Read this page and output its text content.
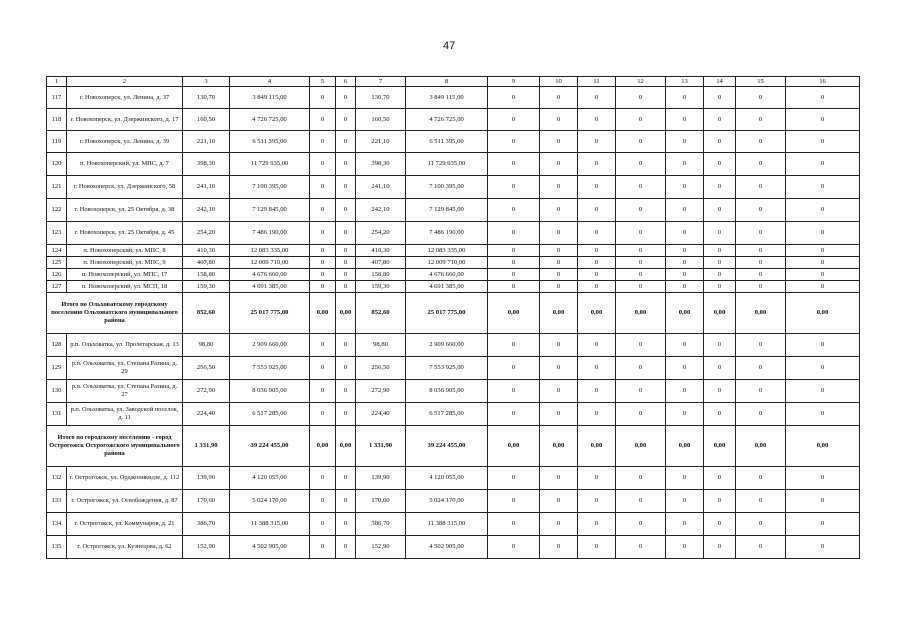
47
1	2	3	4	5	6	7	8	9	10	11	12	13	14	15	16
117	г. Новохоперск, ул. Ленина, д. 37	130,70	3 849 115,00	0	0	130,70	3 849 115,00	0	0	0	0	0	0	0	0
118	г. Новохоперск, ул. Дзержинского, д. 17	160,50	4 726 725,00	0	0	160,50	4 726 725,00	0	0	0	0	0	0	0	0
119	г. Новохоперск, ул. Ленина, д. 39	221,10	6 511 395,00	0	0	221,10	6 511 395,00	0	0	0	0	0	0	0	0
120	п. Новохоперский, ул. МПС, д. 7	398,30	11 729 935,00	0	0	398,30	11 729 935,00	0	0	0	0	0	0	0	0
121	г. Новохоперск, ул. Дзержинского, 58	241,10	7 100 395,00	0	0	241,10	7 100 395,00	0	0	0	0	0	0	0	0
122	г. Новохоперск, ул. 25 Октября, д. 38	242,10	7 129 845,00	0	0	242,10	7 129 845,00	0	0	0	0	0	0	0	0
123	г. Новохоперск, ул. 25 Октября, д. 45	254,20	7 486 190,00	0	0	254,20	7 486 190,00	0	0	0	0	0	0	0	0
124	п. Новохоперский, ул. МПС, 8	410,30	12 083 335,00	0	0	410,30	12 083 335,00	0	0	0	0	0	0	0	0
125	п. Новохоперский, ул. МПС, 9	407,80	12 009 710,00	0	0	407,80	12 009 710,00	0	0	0	0	0	0	0	0
126	п. Новохоперский, ул. МПС, 17	158,80	4 676 660,00	0	0	158,80	4 676 660,00	0	0	0	0	0	0	0	0
127	п. Новохоперский, ул. МСП, 18	159,30	4 691 385,00	0	0	159,30	4 691 385,00	0	0	0	0	0	0	0	0
Итого по Ольховатскому городскому поселению Ольховатского муниципального района		852,60	25 017 775,00	0,00	0,00	852,60	25 017 775,00	0,00	0,00	0,00	0,00	0,00	0,00	0,00	0,00
128	р.п. Ольховатка, ул. Пролетарская, д. 13	98,80	2 909 660,00	0	0	98,80	2 909 660,00	0	0	0	0	0	0	0	0
129	р.п. Ольховатка, ул. Степана Разина, д. 29	256,50	7 553 925,00	0	0	256,50	7 553 925,00	0	0	0	0	0	0	0	0
130	р.п. Ольховатка, ул. Степана Разина, д. 27	272,90	8 036 905,00	0	0	272,90	8 036 905,00	0	0	0	0	0	0	0	0
131	р.п. Ольховатка, ул. Заводской поселок, д. 11	224,40	6 517 285,00	0	0	224,40	6 517 285,00	0	0	0	0	0	0	0	0
Итого по городскому поселению - город Острогожск Острогожского муниципального района		1 331,90	39 224 455,00	0,00	0,00	1 331,90	39 224 455,00	0,00	0,00	0,00	0,00	0,00	0,00	0,00	0,00
132	г. Острогожск, ул. Орджоникидзе, д. 112	139,90	4 120 055,00	0	0	139,90	4 120 055,00	0	0	0	0	0	0	0	0
133	г. Острогожск, ул. Освобождения, д. 87	170,60	5 024 170,00	0	0	170,60	5 024 170,00	0	0	0	0	0	0	0	0
134	г. Острогожск, ул. Коммунаров, д. 21	386,70	11 388 315,00	0	0	386,70	11 388 315,00	0	0	0	0	0	0	0	0
135	г. Острогожск, ул. Кузнецова, д. 62	152,90	4 502 905,00	0	0	152,90	4 502 905,00	0	0	0	0	0	0	0	0
